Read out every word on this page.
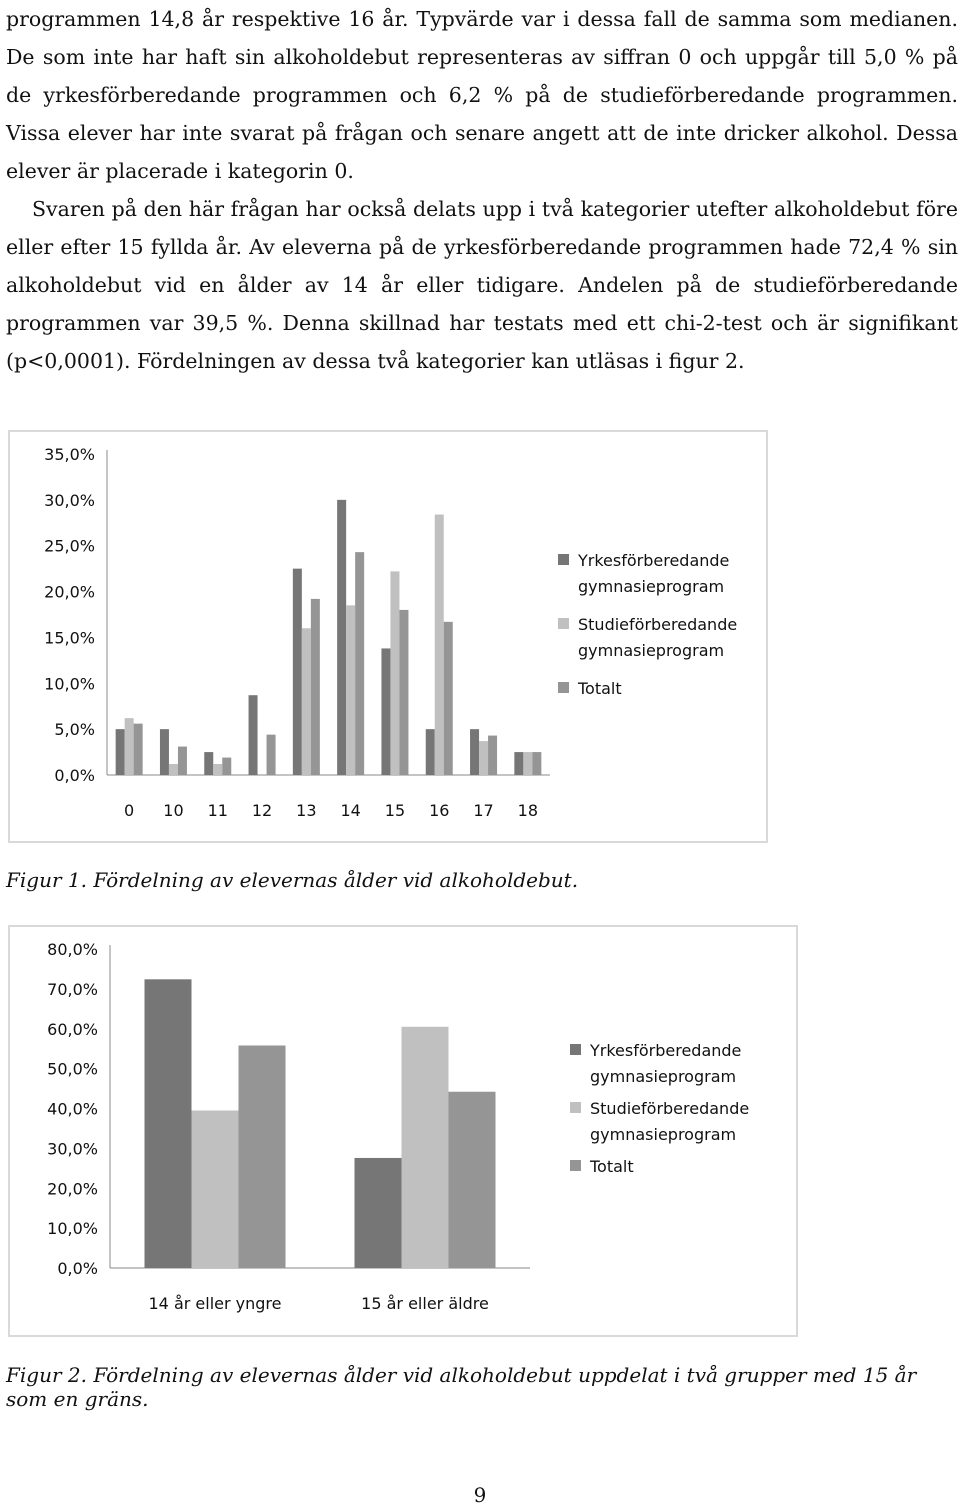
programmen 14,8 år respektive 16 år. Typvärde var i dessa fall de samma som medianen. De som inte har haft sin alkoholdebut representeras av siffran 0 och uppgår till 5,0 % på de yrkesförberedande programmen och 6,2 % på de studieförberedande programmen. Vissa elever har inte svarat på frågan och senare angett att de inte dricker alkohol. Dessa elever är placerade i kategorin 0.

Svaren på den här frågan har också delats upp i två kategorier utefter alkoholdebut före eller efter 15 fyllda år. Av eleverna på de yrkesförberedande programmen hade 72,4 % sin alkoholdebut vid en ålder av 14 år eller tidigare. Andelen på de studieförberedande programmen var 39,5 %. Denna skillnad har testats med ett chi-2-test och är signifikant (p<0,0001). Fördelningen av dessa två kategorier kan utläsas i figur 2.

0,0%
5,0%
10,0%
15,0%
20,0%
25,0%
30,0%
35,0%
0 10 11 12 13 14 15 16 17 18
Yrkesförberedande
gymnasieprogram
Studieförberedande
gymnasieprogram
Totalt
Figur 1. Fördelning av elevernas ålder vid alkoholdebut.
0,0%
10,0%
20,0%
30,0%
40,0%
50,0%
60,0%
70,0%
80,0%
14 år eller yngre	15 år eller äldre
Yrkesförberedande
gymnasieprogram
Studieförberedande
gymnasieprogram
Totalt
Figur 2. Fördelning av elevernas ålder vid alkoholdebut uppdelat i två grupper med 15 år som en gräns.
9
